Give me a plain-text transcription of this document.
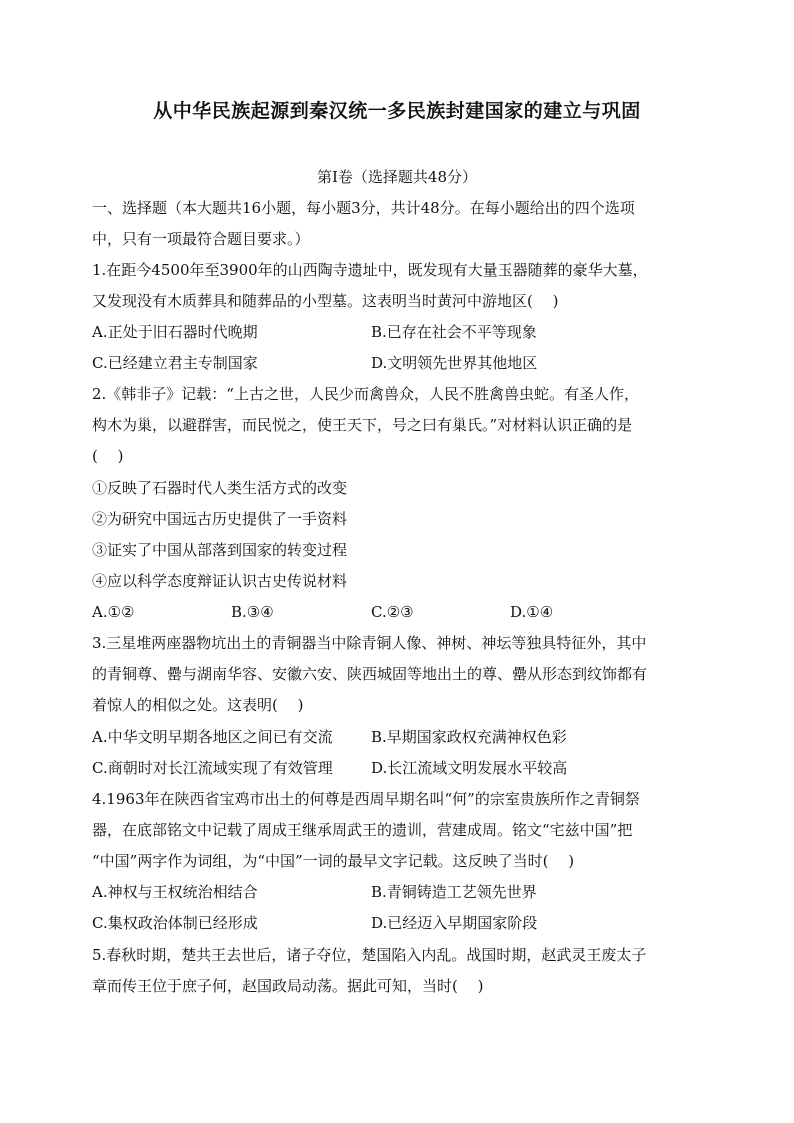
从中华民族起源到秦汉统一多民族封建国家的建立与巩固
第Ⅰ卷（选择题共48分）
一、选择题（本大题共16小题，每小题3分，共计48分。在每小题给出的四个选项
中，只有一项最符合题目要求。）
1.在距今4500年至3900年的山西陶寺遗址中，既发现有大量玉器随葬的豪华大墓，
又发现没有木质葬具和随葬品的小型墓。这表明当时黄河中游地区(　 )
A.正处于旧石器时代晚期	B.已存在社会不平等现象
C.已经建立君主专制国家	D.文明领先世界其他地区
2.《韩非子》记载：“上古之世，人民少而禽兽众，人民不胜禽兽虫蛇。有圣人作，
构木为巢，以避群害，而民悦之，使王天下，号之曰有巢氏。”对材料认识正确的是
(　 )
①反映了石器时代人类生活方式的改变
②为研究中国远古历史提供了一手资料
③证实了中国从部落到国家的转变过程
④应以科学态度辩证认识古史传说材料
A.①②	B.③④	C.②③	D.①④
3.三星堆两座器物坑出土的青铜器当中除青铜人像、神树、神坛等独具特征外，其中
的青铜尊、罍与湖南华容、安徽六安、陕西城固等地出土的尊、罍从形态到纹饰都有
着惊人的相似之处。这表明(　 )
A.中华文明早期各地区之间已有交流	B.早期国家政权充满神权色彩
C.商朝时对长江流域实现了有效管理	D.长江流域文明发展水平较高
4.1963年在陕西省宝鸡市出土的何尊是西周早期名叫“何”的宗室贵族所作之青铜祭
器，在底部铭文中记载了周成王继承周武王的遗训，营建成周。铭文“宅兹中国”把
“中国”两字作为词组，为“中国”一词的最早文字记载。这反映了当时(　 )
A.神权与王权统治相结合	B.青铜铸造工艺领先世界
C.集权政治体制已经形成	D.已经迈入早期国家阶段
5.春秋时期，楚共王去世后，诸子夺位，楚国陷入内乱。战国时期，赵武灵王废太子
章而传王位于庶子何，赵国政局动荡。据此可知，当时(　 )
